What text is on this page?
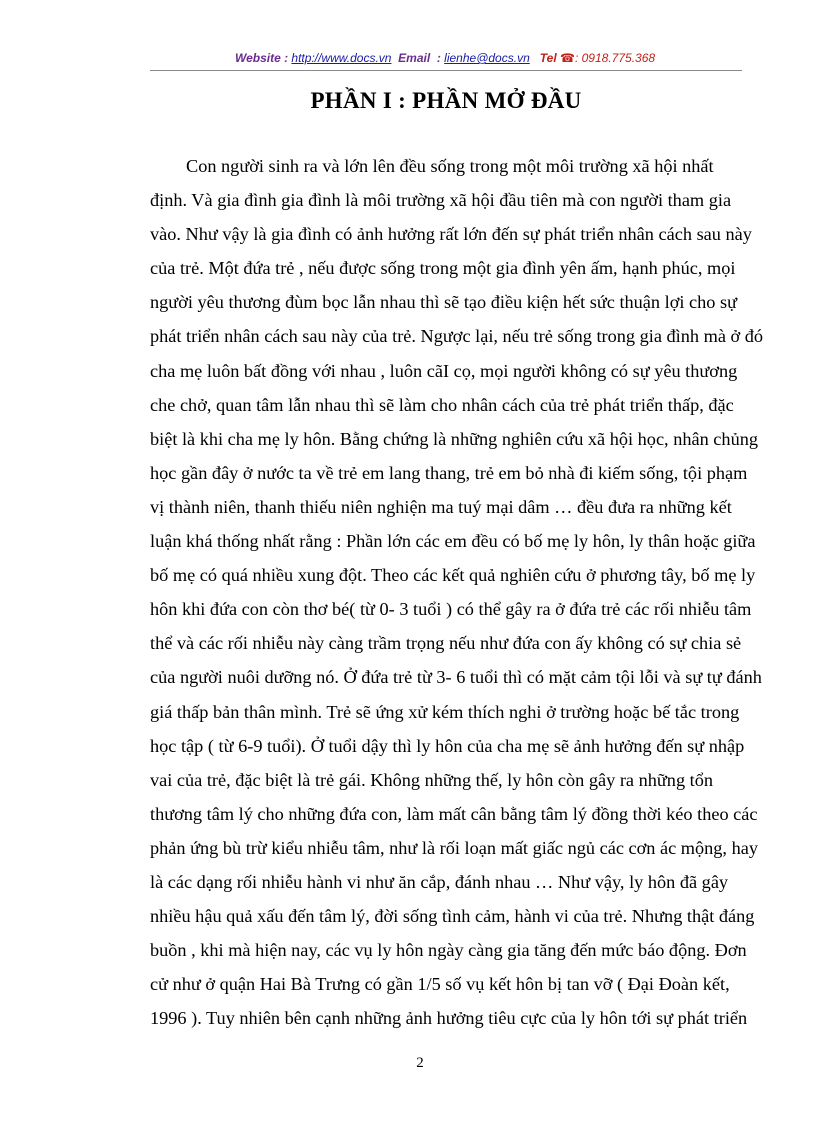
Website : http://www.docs.vn Email : lienhe@docs.vn Tel ☎: 0918.775.368
PHẦN I : PHẦN MỞ ĐẦU
Con người sinh ra và lớn lên đều sống trong một môi trường xã hội nhất
định. Và gia đình gia đình là môi trường xã hội đầu tiên mà con người tham gia
vào. Như vậy là gia đình có ảnh hưởng rất lớn đến sự phát triển nhân cách sau này
của trẻ. Một đứa trẻ , nếu được sống trong một gia đình yên ấm, hạnh phúc, mọi
người yêu thương đùm bọc lẫn nhau thì sẽ tạo điều kiện hết sức thuận lợi cho sự
phát triển nhân cách sau này của trẻ. Ngược lại, nếu trẻ sống trong gia đình mà ở đó
cha mẹ luôn bất đồng với nhau , luôn cãI cọ, mọi người không có sự yêu thương
che chở, quan tâm lẫn nhau thì sẽ làm cho nhân cách của trẻ phát triển thấp, đặc
biệt là khi cha mẹ ly hôn. Bằng chứng là những nghiên cứu xã hội học, nhân chủng
học gần đây ở nước ta về trẻ em lang thang, trẻ em bỏ nhà đi kiếm sống, tội phạm
vị thành niên, thanh thiếu niên nghiện ma tuý mại dâm … đều đưa ra những kết
luận khá thống nhất rằng : Phần lớn các em đều có bố mẹ ly hôn, ly thân hoặc giữa
bố mẹ có quá nhiều xung đột. Theo các kết quả nghiên cứu ở phương tây, bố mẹ ly
hôn khi đứa con còn thơ bé( từ 0- 3 tuổi ) có thể gây ra ở đứa trẻ các rối nhiễu tâm
thể và các rối nhiễu này càng trầm trọng nếu như đứa con ấy không có sự chia sẻ
của người nuôi dưỡng nó. Ở đứa trẻ từ 3- 6 tuổi thì có mặt cảm tội lỗi và sự tự đánh
giá thấp bản thân mình. Trẻ sẽ ứng xử kém thích nghi ở trường hoặc bế tắc trong
học tập ( từ 6-9 tuổi). Ở tuổi dậy thì ly hôn của cha mẹ sẽ ảnh hưởng đến sự nhập
vai của trẻ, đặc biệt là trẻ gái. Không những thế, ly hôn còn gây ra những tổn
thương tâm lý cho những đứa con, làm mất cân bằng tâm lý đồng thời kéo theo các
phản ứng bù trừ kiểu nhiễu tâm, như là rối loạn mất giấc ngủ các cơn ác mộng, hay
là các dạng rối nhiễu hành vi như ăn cắp, đánh nhau … Như vậy, ly hôn đã gây
nhiều hậu quả xấu đến tâm lý, đời sống tình cảm, hành vi của trẻ. Nhưng thật đáng
buồn , khi mà hiện nay, các vụ ly hôn ngày càng gia tăng đến mức báo động. Đơn
cử như ở quận Hai Bà Trưng có gần 1/5 số vụ kết hôn bị tan vỡ ( Đại Đoàn kết,
1996 ). Tuy nhiên bên cạnh những ảnh hưởng tiêu cực của ly hôn tới sự phát triển
2
